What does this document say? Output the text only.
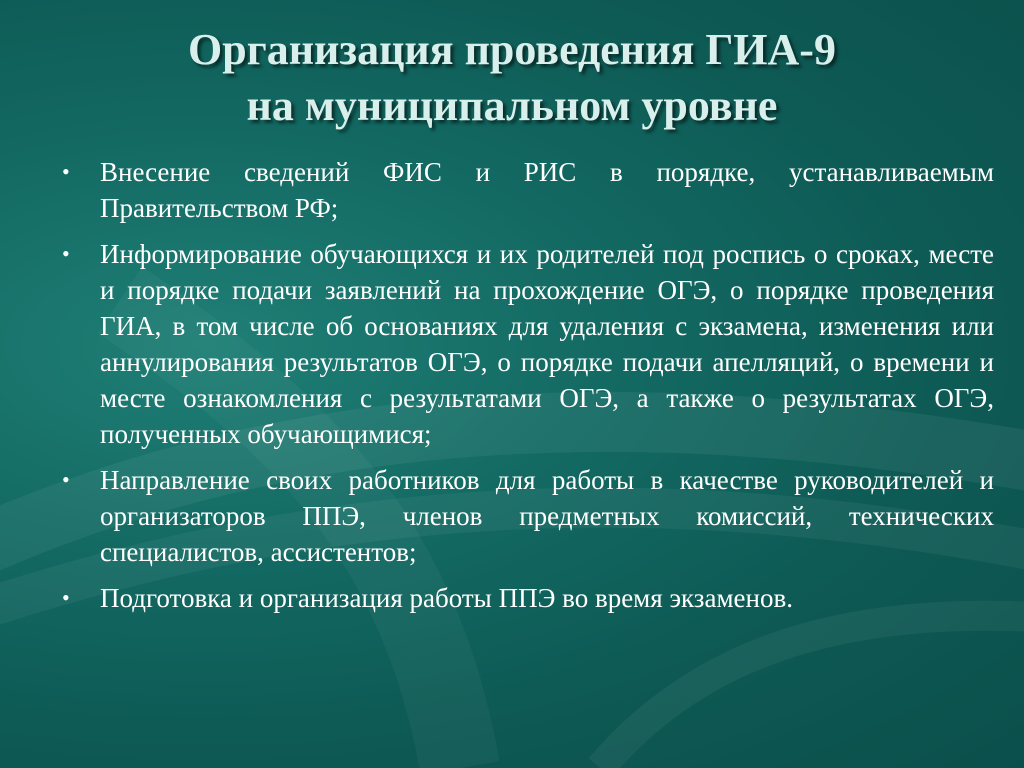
Организация проведения ГИА-9
на муниципальном уровне
• Внесение сведений ФИС и РИС в порядке, устанавливаемым Правительством РФ;
• Информирование обучающихся и их родителей под роспись о сроках, месте и порядке подачи заявлений на прохождение ОГЭ, о порядке проведения ГИА, в том числе об основаниях для удаления с экзамена, изменения или аннулирования результатов ОГЭ, о порядке подачи апелляций, о времени и месте ознакомления с результатами ОГЭ, а также о результатах ОГЭ, полученных обучающимися;
• Направление своих работников для работы в качестве руководителей и организаторов ППЭ, членов предметных комиссий, технических специалистов, ассистентов;
• Подготовка и организация работы ППЭ во время экзаменов.
